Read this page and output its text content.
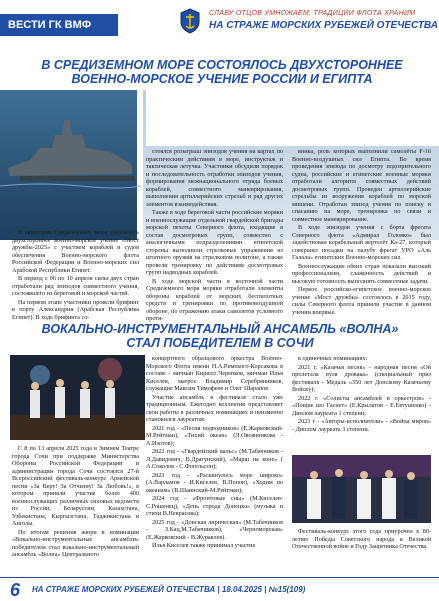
ВЕСТИ ГК ВМФ
СЛАВУ ОТЦОВ УМНОЖАЕМ, ТРАДИЦИИ ФЛОТА ХРАНИМ
НА СТРАЖЕ МОРСКИХ РУБЕЖЕЙ ОТЕЧЕСТВА
В СРЕДИЗЕМНОМ МОРЕ СОСТОЯЛОСЬ ДВУХСТОРОННЕЕ ВОЕННО-МОРСКОЕ УЧЕНИЕ РОССИИ И ЕГИПТА

В акватории Средиземного моря состоялось двухстороннее военно-морское учение «Мост дружбы-2025» с участием кораблей и судов обеспечения Военно-морского флота Российской Федерации и Военно-морских сил Арабской Республики Египет.

В период с 06 по 10 апреля силы двух стран отработали ряд эпизодов совместного учения, состоявшего из береговой и морской частей.

На первом этапе участники провели брифинг в порту Александрия (Арабская Республика Египет). В ходе брифинга со-

стоялся розыгрыш эпизодов учения на картах по практическим действиям в море, инструктаж и тактическая летучка. Участники обсудили порядок и последовательность отработки эпизодов учения, формирования межнационального отряда боевых кораблей, совместного маневрирования, выполнения артиллерийских стрельб и ряд других элементов взаимодействия.

Также в ходе береговой части российские моряки и военнослужащие отдельной гвардейской бригады морской пехоты Северного флота, входящие в состав досмотровых групп, совместно с аналогичными подразделениями египетской стороны выполнили стрелковые упражнения из штатного оружия на стрелковом полигоне, а также провели тренировку по действиям досмотровых групп надводных кораблей.

В ходе морской части в восточной части Средиземного моря моряки отработали элементы обороны кораблей от морских беспилотных средств и тренировки по противовоздушной обороне, по отражению атаки самолетов условного проти-

вника, роль которых выполнили самолёты F-16 Военно-воздушных сил Египта. Во время проведения эпизода по досмотру подозрительного судна, российские и египетские военные моряки отработали алгоритм совместных действий досмотровых групп. Проведен артиллерийские стрельбы из вооружения кораблей по морской мишени. Отработан эпизод учения по поиску и спасанию на море, тренировка по связи и совместное маневрирование.

В ходе эпизодов учения с борта фрегата Северного флота «Адмирал Головко» был задействован корабельный вертолёт Ка-27, который совершил посадки на палубу фрегат УРО «Аль Галала» египетских Военно-морских сил.

Военнослужащие обеих стран показали высокий профессионализм, слаженность действий и высокую готовность выполнять совместные задачи.

Первое российско-египетское военно-морское учение «Мост дружбы» состоялось в 2015 году, силы Северного флота приняли участие в данном учении впервые.

ВОКАЛЬНО-ИНСТРУМЕНТАЛЬНЫЙ АНСАМБЛЬ «ВОЛНА» СТАЛ ПОБЕДИТЕЛЕМ В СОЧИ

С 8 по 13 апреля 2025 года в Зимнем Театре города Сочи при поддержке Министерства Обороны Российской Федерации и администрации города Сочи состоялся 27-й Всероссийский фестиваль-конкурс Армейской песни «За Веру! За Отчизну! За Любовь!», в котором приняли участие более 400 военнослужащих различных силовых ведомств из России, Беларуссии, Казахстана, Узбекистана, Кыргызстана, Таджикистана и Анголы.

По итогам решения жюри в номинации «Вокально-инструментальные ансамбли» победителем стал вокально-инструментальный ансамбль «Волна» Центрального

концертного образцового оркестра Военно-Морского Флота имени Н.А.Римского-Корсакова в составе - мичман Кирилл Черепков, мичман Илья Киселев, матрос Владимир Серебрянников, служащие Максим Тимофеев и Олег Шарапов.

Участие ансамбль в фестивале стало уже традиционным. Ежегодно коллектив представляет свои работы в различных номинациях и неизменно становился лауреатом:

2021 год - «Песня подводников» (Е.Жарковский-М.Рейтман), «Тихий океан» (Л.Овсянникова - А.Изотов);

2022 год - «Гвардейский вальс» (М.Табачников - Л.Давидович, В.Драгунский), «Марш на коне» ( А.Соколов - С.Фогельсон);

2023 год - «Раскинулось море широко» (А.Варламов - И.Киселев, В.Попов), «Ходим по океанам» (В.Шаинский-М.Рейтман);

2024 год - «Фронтовые сны» (М.Киселев-С.Рошенец), «День города Донецка» (музыка и стихи В.Некрасова);

2025 год - «Донская лирическая» (М.Табачников - З.Кац,М.Табачников), «Черноморская» (Е.Жарковский - В.Журавлев).

Илья Киселев также принимал участие

в одиночных номинациях:

2021 г. «Казачья песня» - народная песня «Ой пролетала пуля дровака» (специальный приз фестиваля - Медаль «350 лет Донскому Казачьему Войску);

2022 г. «Солисты ансамблей и оркестров» - «Пощие шо Гаснет» (Е.Крылатов - Е.Евтушенко) - Диплом лауреата 1 степени;

2023 г - «Авторы-исполнители» - «Война миров» - Диплом лауреата 3 степени.

Фестиваль-конкурс этого года приурочен к 80-летию Победы Советского народа в Великой Отечественной войне и Году Защитника Отечества.

6 НА СТРАЖЕ МОРСКИХ РУБЕЖЕЙ ОТЕЧЕСТВА | 18.04.2025 | №15(109)
